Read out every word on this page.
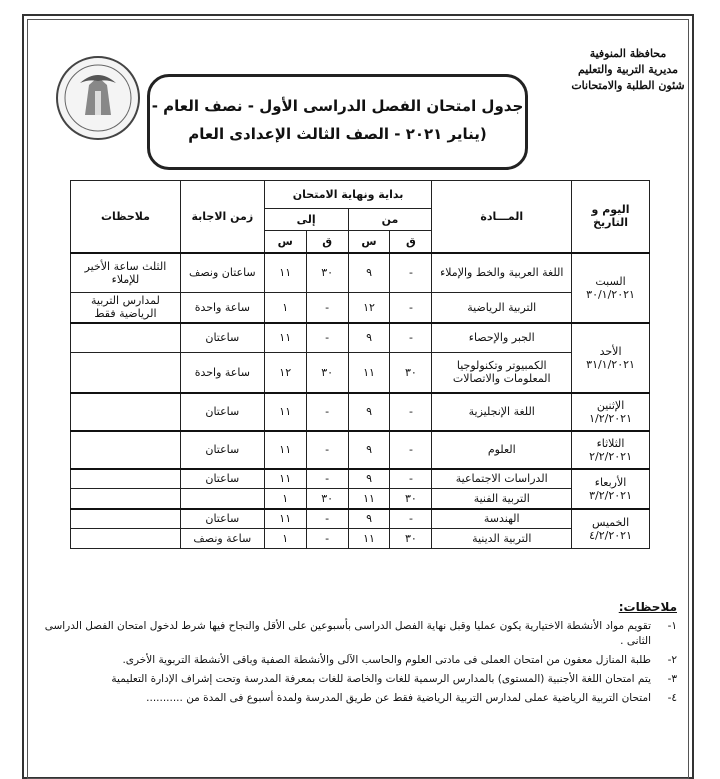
محافظة المنوفية
مديرية التربية والتعليم
شئون الطلبة والامتحانات
جدول امتحان الفصل الدراسى الأول - نصف العام -
(يناير ٢٠٢١ - الصف الثالث الإعدادى العام
اليوم و التاريخ	المـــادة	بداية ونهاية الامتحان				زمن الاجابة	ملاحظات
		من		إلى			
		ق	س	ق	س		

السبت
٣٠/١/٢٠٢١	اللغة العربية والخط والإملاء	-	٩	٣٠	١١	ساعتان ونصف	الثلث ساعة الأخير للإملاء
	التربية الرياضية	-	١٢	-	١	ساعة واحدة	لمدارس التربية الرياضية فقط

الأحد
٣١/١/٢٠٢١	الجبر والإحصاء	-	٩	-	١١	ساعتان	
	الكمبيوتر وتكنولوجيا المعلومات والاتصالات	٣٠	١١	٣٠	١٢	ساعة واحدة	

الإثنين
١/٢/٢٠٢١	اللغة الإنجليزية	-	٩	-	١١	ساعتان	

الثلاثاء
٢/٢/٢٠٢١	العلوم	-	٩	-	١١	ساعتان	

الأربعاء
٣/٢/٢٠٢١	الدراسات الاجتماعية	-	٩	-	١١	ساعتان	
	التربية الفنية	٣٠	١١	٣٠	١		

الخميس
٤/٢/٢٠٢١	الهندسة	-	٩	-	١١	ساعتان	
	التربية الدينية	٣٠	١١	-	١	ساعة ونصف	
ملاحظات:
١-
تقويم مواد الأنشطة الاختيارية يكون عمليا وقبل نهاية الفصل الدراسى بأسبوعين على الأقل والنجاح فيها شرط لدخول امتحان الفصل الدراسى الثانى .
٢-
طلبة المنازل معفون من امتحان العملى فى مادتى العلوم والحاسب الآلى والأنشطة الصفية وباقى الأنشطة التربوية الأخرى.
٣-
يتم امتحان اللغة الأجنبية (المستوى) بالمدارس الرسمية للغات والخاصة للغات بمعرفة المدرسة وتحت إشراف الإدارة التعليمية
٤-
امتحان التربية الرياضية عملى لمدارس التربية الرياضية فقط عن طريق المدرسة ولمدة أسبوع فى المدة من ...........
